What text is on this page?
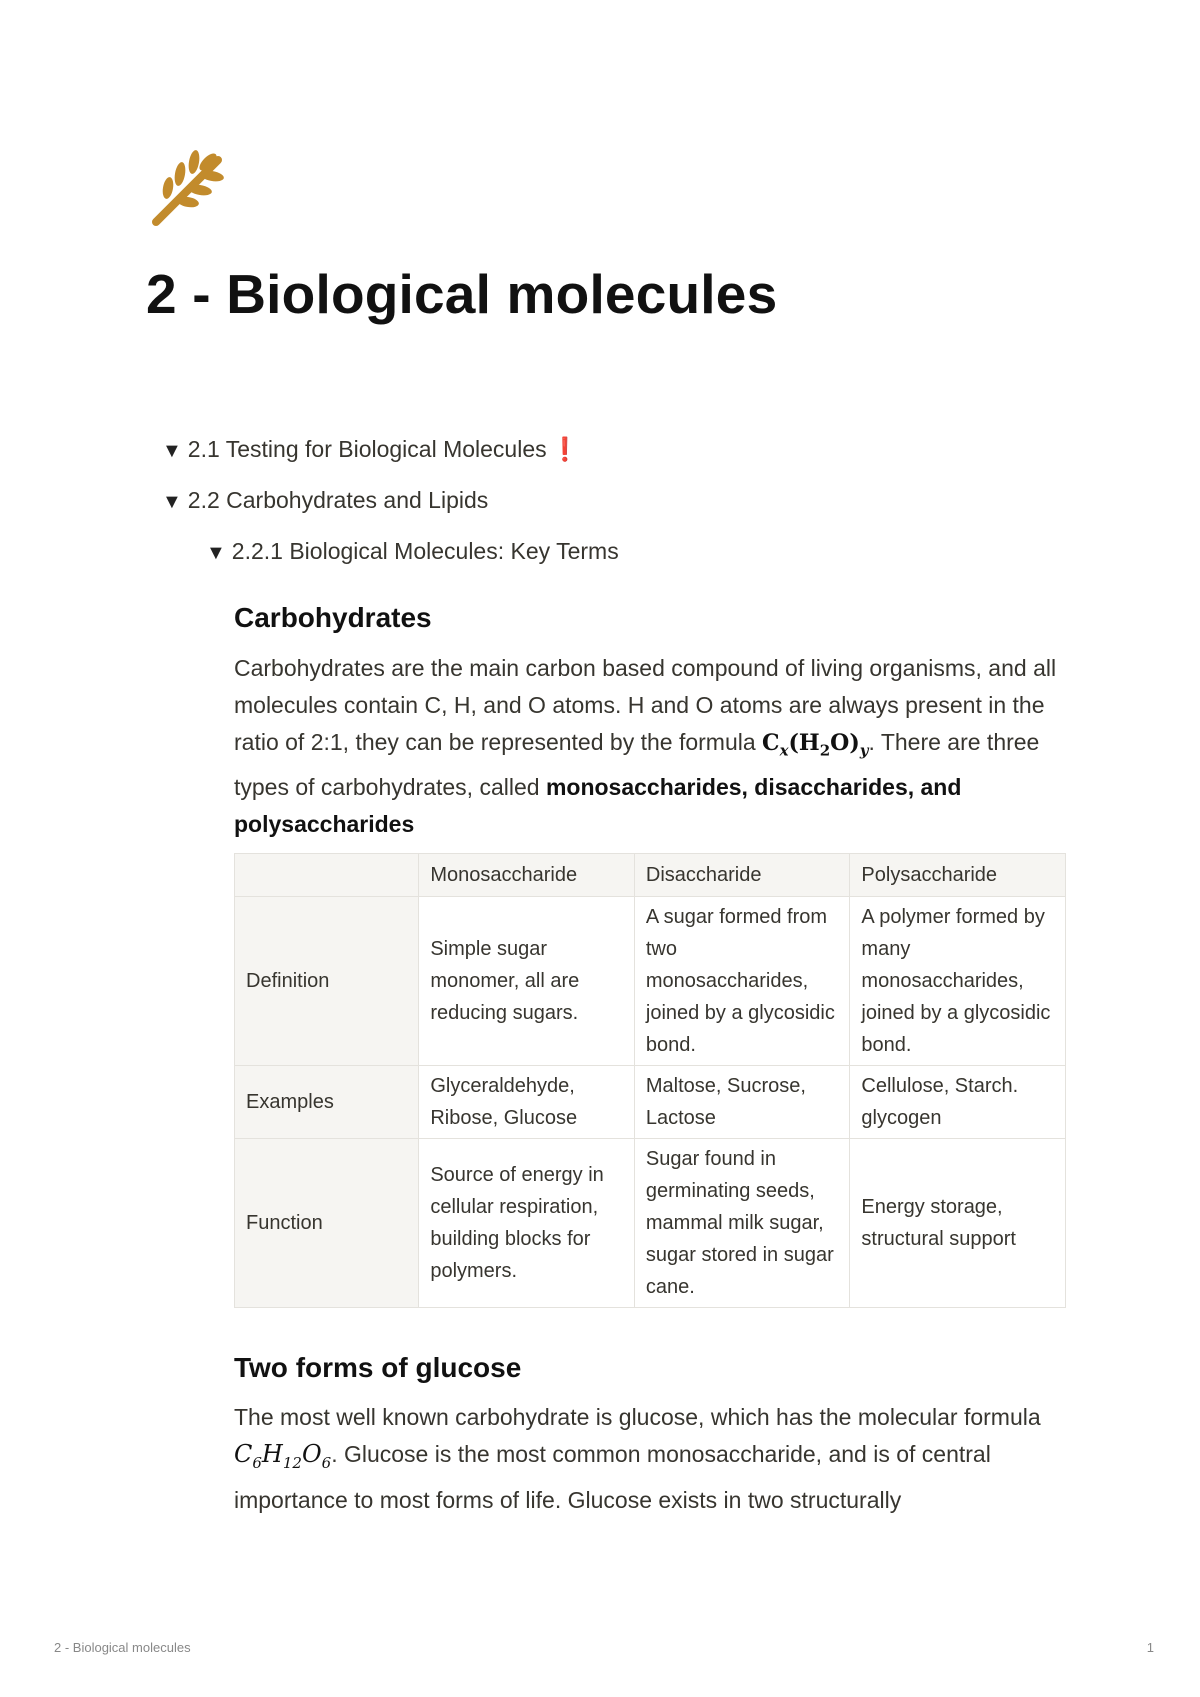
2 - Biological molecules
▼ 2.1 Testing for Biological Molecules ❗
▼ 2.2 Carbohydrates and Lipids
▼ 2.2.1 Biological Molecules: Key Terms
Carbohydrates

Carbohydrates are the main carbon based compound of living organisms, and all molecules contain C, H, and O atoms. H and O atoms are always present in the ratio of 2:1, they can be represented by the formula $C_x(H_2O)_y$. There are three types of carbohydrates, called monosaccharides, disaccharides, and polysaccharides

	Monosaccharide	Disaccharide	Polysaccharide
Definition	Simple sugar monomer, all are reducing sugars.	A sugar formed from two monosaccharides, joined by a glycosidic bond.	A polymer formed by many monosaccharides, joined by a glycosidic bond.
Examples	Glyceraldehyde, Ribose, Glucose	Maltose, Sucrose, Lactose	Cellulose, Starch. glycogen
Function	Source of energy in cellular respiration, building blocks for polymers.	Sugar found in germinating seeds, mammal milk sugar, sugar stored in sugar cane.	Energy storage, structural support
Two forms of glucose

The most well known carbohydrate is glucose, which has the molecular formula $C_6H_{12}O_6$. Glucose is the most common monosaccharide, and is of central importance to most forms of life. Glucose exists in two structurally

2 - Biological molecules	1
